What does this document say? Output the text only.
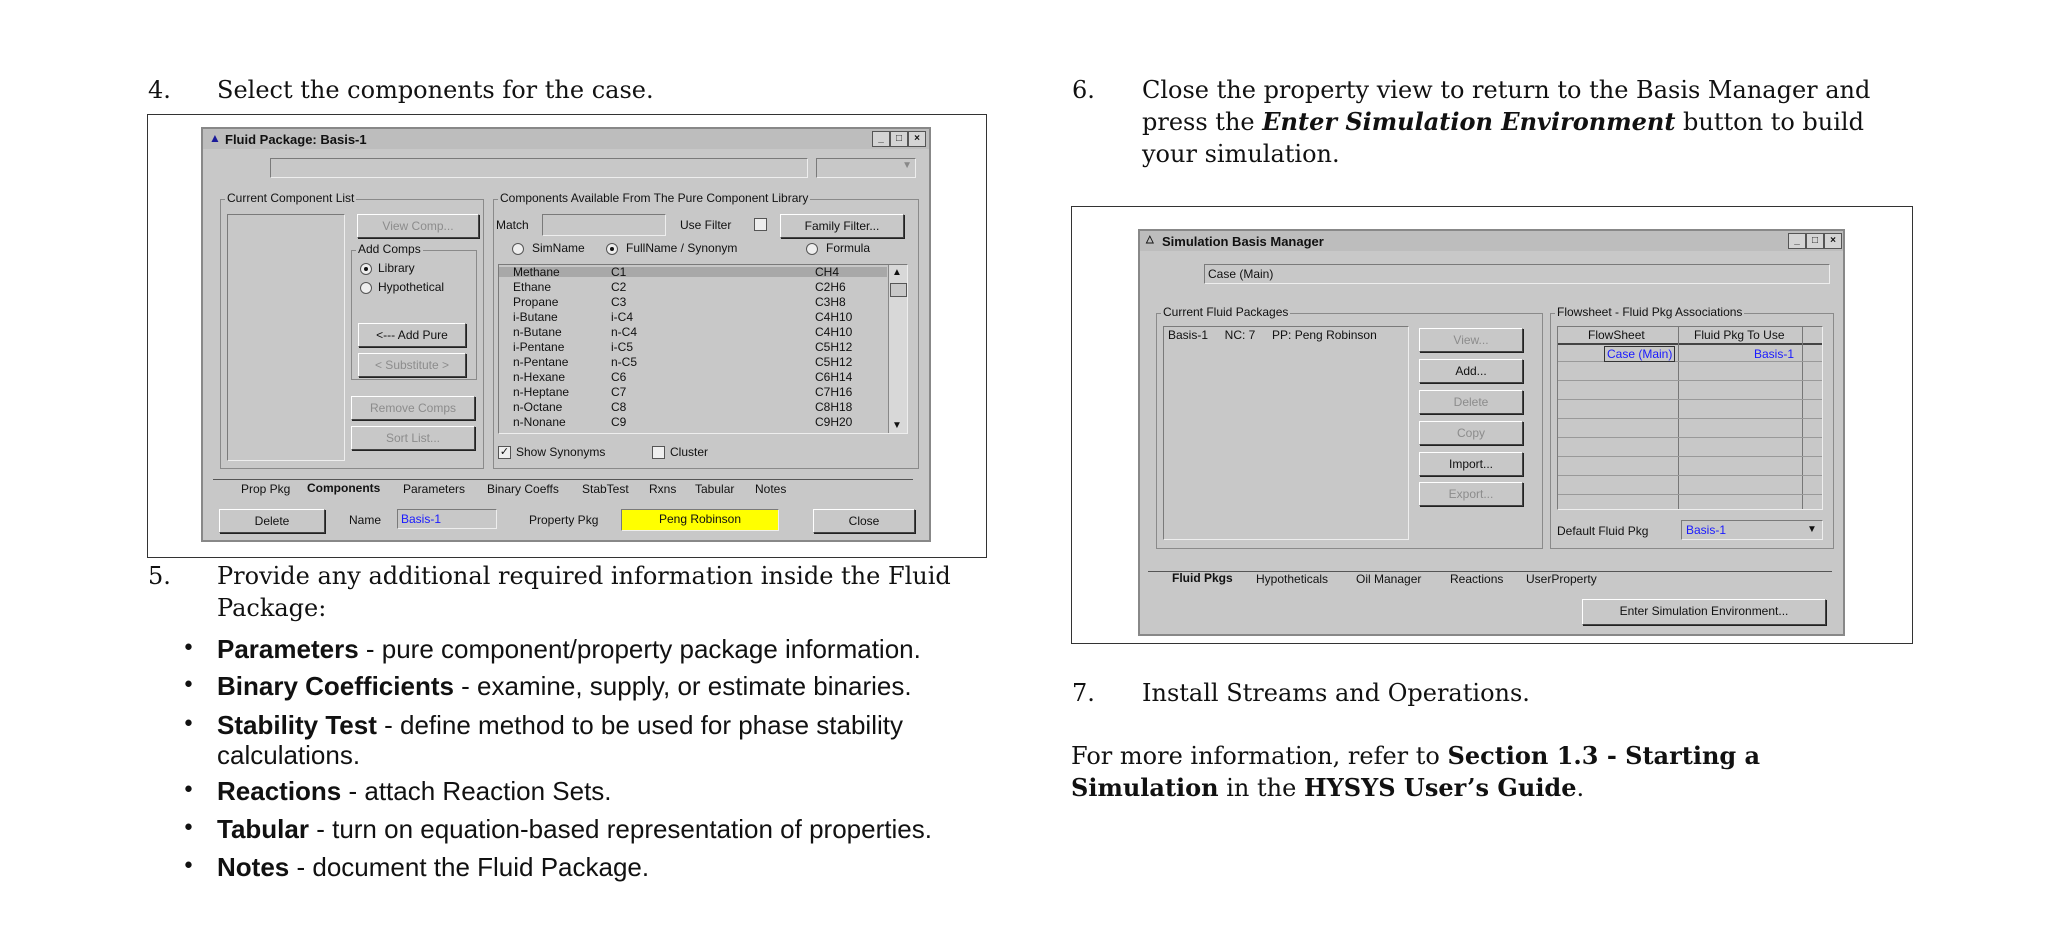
4. Select the components for the case.
▲ Fluid Package: Basis-1	_	□	×
▼
Current Component List
View Comp...
Add Comps
Library
Hypothetical
<--- Add Pure
< Substitute >
Remove Comps
Sort List...
Components Available From The Pure Component Library
Match	Use Filter	Family Filter...
SimName	FullName / Synonym	Formula
Methane	C1	CH4
Ethane	C2	C2H6
Propane	C3	C3H8
i-Butane	i-C4	C4H10
n-Butane	n-C4	C4H10
i-Pentane	i-C5	C5H12
n-Pentane	n-C5	C5H12
n-Hexane	C6	C6H14
n-Heptane	C7	C7H16
n-Octane	C8	C8H18
n-Nonane	C9	C9H20
▲
▼
✓ Show Synonyms	Cluster
Prop Pkg Components Parameters Binary Coeffs StabTest Rxns Tabular Notes
Delete	Name	Basis-1	Property Pkg	Peng Robinson	Close
5. Provide any additional required information inside the Fluid Package:
• Parameters - pure component/property package information.
• Binary Coefficients - examine, supply, or estimate binaries.
• Stability Test - define method to be used for phase stability calculations.
• Reactions - attach Reaction Sets.
• Tabular - turn on equation-based representation of properties.
• Notes - document the Fluid Package.
6. Close the property view to return to the Basis Manager and press the Enter Simulation Environment button to build your simulation.
△ Simulation Basis Manager	_	□	×
Case (Main)
Current Fluid Packages
Basis-1     NC: 7     PP: Peng Robinson	View...
Add...
Delete
Copy
Import...
Export...
Flowsheet - Fluid Pkg Associations
FlowSheet	Fluid Pkg To Use
Case (Main)	Basis-1
Default Fluid Pkg	Basis-1	▼
Fluid Pkgs Hypotheticals Oil Manager Reactions UserProperty
Enter Simulation Environment...
7. Install Streams and Operations.
For more information, refer to Section 1.3 - Starting a Simulation in the HYSYS User’s Guide.
